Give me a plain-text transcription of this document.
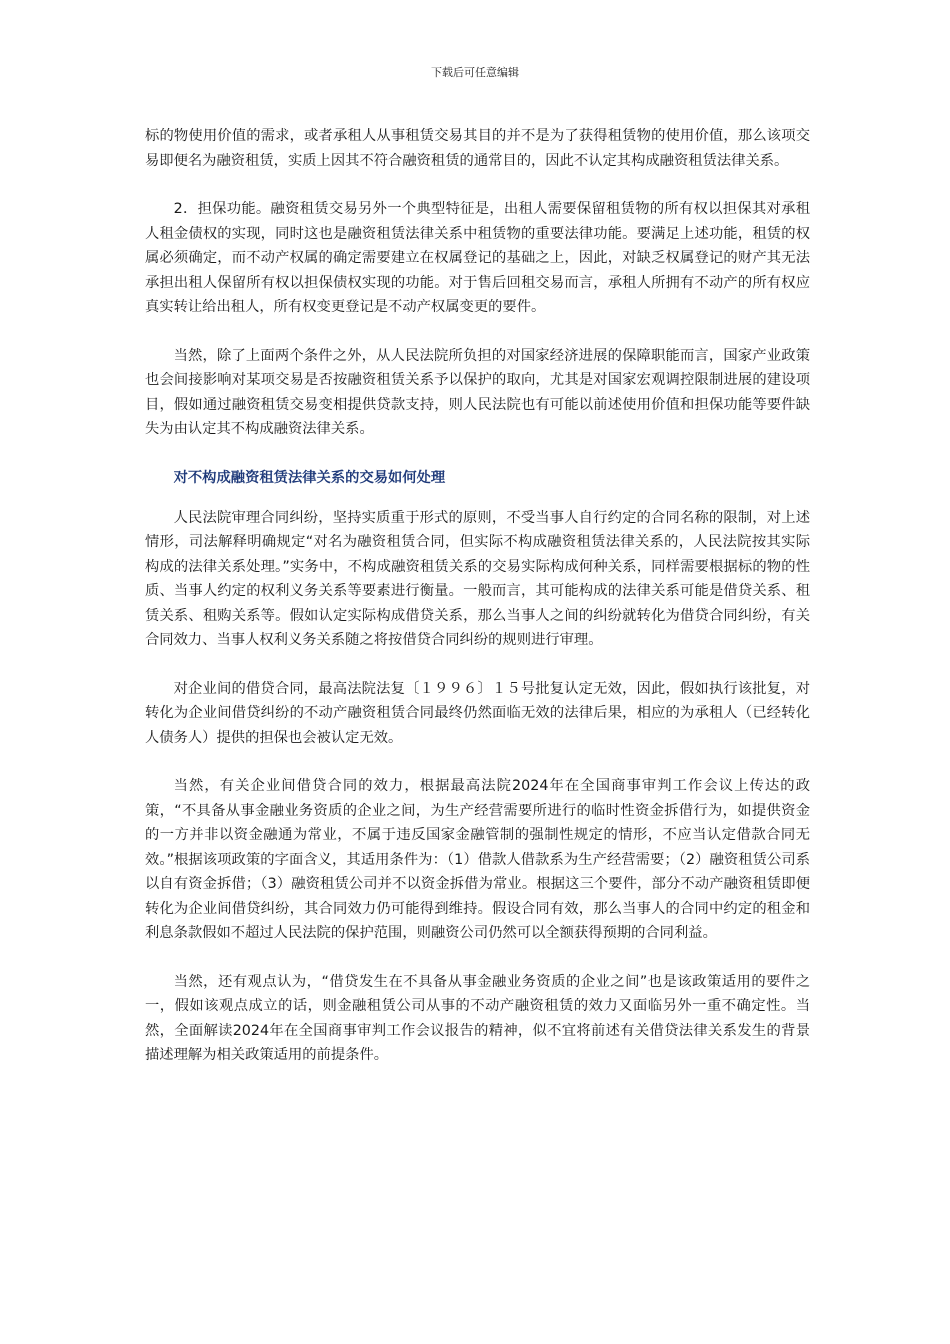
下载后可任意编辑

标的物使用价值的需求，或者承租人从事租赁交易其目的并不是为了获得租赁物的使用价值，那么该项交易即便名为融资租赁，实质上因其不符合融资租赁的通常目的，因此不认定其构成融资租赁法律关系。

2．担保功能。融资租赁交易另外一个典型特征是，出租人需要保留租赁物的所有权以担保其对承租人租金债权的实现，同时这也是融资租赁法律关系中租赁物的重要法律功能。要满足上述功能，租赁的权属必须确定，而不动产权属的确定需要建立在权属登记的基础之上，因此，对缺乏权属登记的财产其无法承担出租人保留所有权以担保债权实现的功能。对于售后回租交易而言，承租人所拥有不动产的所有权应真实转让给出租人，所有权变更登记是不动产权属变更的要件。

当然，除了上面两个条件之外，从人民法院所负担的对国家经济进展的保障职能而言，国家产业政策也会间接影响对某项交易是否按融资租赁关系予以保护的取向，尤其是对国家宏观调控限制进展的建设项目，假如通过融资租赁交易变相提供贷款支持，则人民法院也有可能以前述使用价值和担保功能等要件缺失为由认定其不构成融资法律关系。

对不构成融资租赁法律关系的交易如何处理

人民法院审理合同纠纷，坚持实质重于形式的原则，不受当事人自行约定的合同名称的限制，对上述情形，司法解释明确规定“对名为融资租赁合同，但实际不构成融资租赁法律关系的，人民法院按其实际构成的法律关系处理。”实务中，不构成融资租赁关系的交易实际构成何种关系，同样需要根据标的物的性质、当事人约定的权利义务关系等要素进行衡量。一般而言，其可能构成的法律关系可能是借贷关系、租赁关系、租购关系等。假如认定实际构成借贷关系，那么当事人之间的纠纷就转化为借贷合同纠纷，有关合同效力、当事人权利义务关系随之将按借贷合同纠纷的规则进行审理。

对企业间的借贷合同，最高法院法复〔１９９６〕１５号批复认定无效，因此，假如执行该批复，对转化为企业间借贷纠纷的不动产融资租赁合同最终仍然面临无效的法律后果，相应的为承租人（已经转化人债务人）提供的担保也会被认定无效。

当然，有关企业间借贷合同的效力，根据最高法院2024年在全国商事审判工作会议上传达的政策，“不具备从事金融业务资质的企业之间，为生产经营需要所进行的临时性资金拆借行为，如提供资金的一方并非以资金融通为常业，不属于违反国家金融管制的强制性规定的情形，不应当认定借款合同无效。”根据该项政策的字面含义，其适用条件为：（1）借款人借款系为生产经营需要；（2）融资租赁公司系以自有资金拆借；（3）融资租赁公司并不以资金拆借为常业。根据这三个要件，部分不动产融资租赁即便转化为企业间借贷纠纷，其合同效力仍可能得到维持。假设合同有效，那么当事人的合同中约定的租金和利息条款假如不超过人民法院的保护范围，则融资公司仍然可以全额获得预期的合同利益。

当然，还有观点认为，“借贷发生在不具备从事金融业务资质的企业之间”也是该政策适用的要件之一，假如该观点成立的话，则金融租赁公司从事的不动产融资租赁的效力又面临另外一重不确定性。当然，全面解读2024年在全国商事审判工作会议报告的精神，似不宜将前述有关借贷法律关系发生的背景描述理解为相关政策适用的前提条件。
